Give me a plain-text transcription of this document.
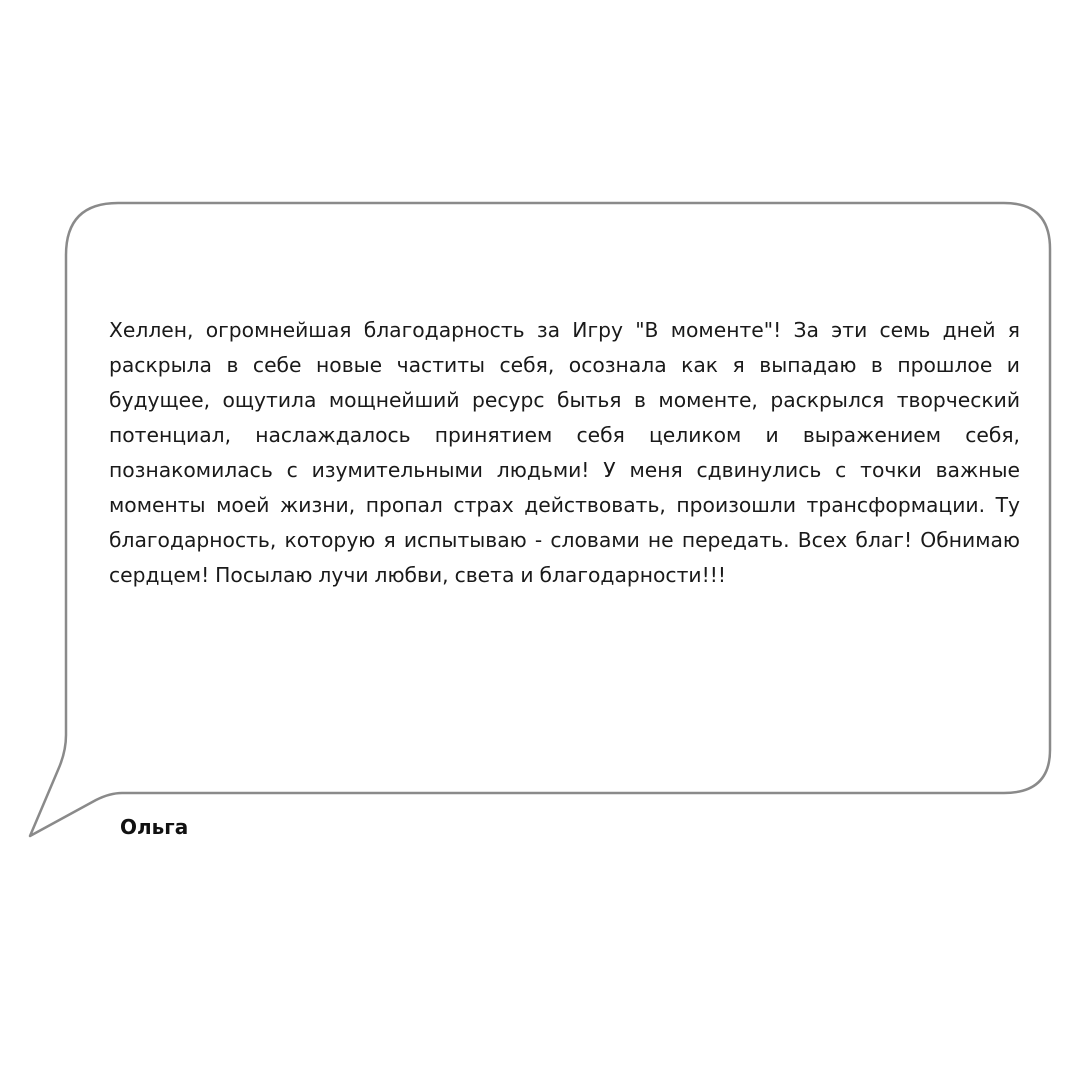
Хеллен, огромнейшая благодарность за Игру "В моменте"! За эти семь дней я раскрыла в себе новые частиты себя, осознала как я выпадаю в прошлое и будущее, ощутила мощнейший ресурс бытья в моменте, раскрылся творческий потенциал, наслаждалось принятием себя целиком и выражением себя, познакомилась с изумительными людьми! У меня сдвинулись с точки важные моменты моей жизни, пропал страх действовать, произошли трансформации. Ту благодарность, которую я испытываю - словами не передать. Всех благ! Обнимаю сердцем! Посылаю лучи любви, света и благодарности!!!

Ольга
